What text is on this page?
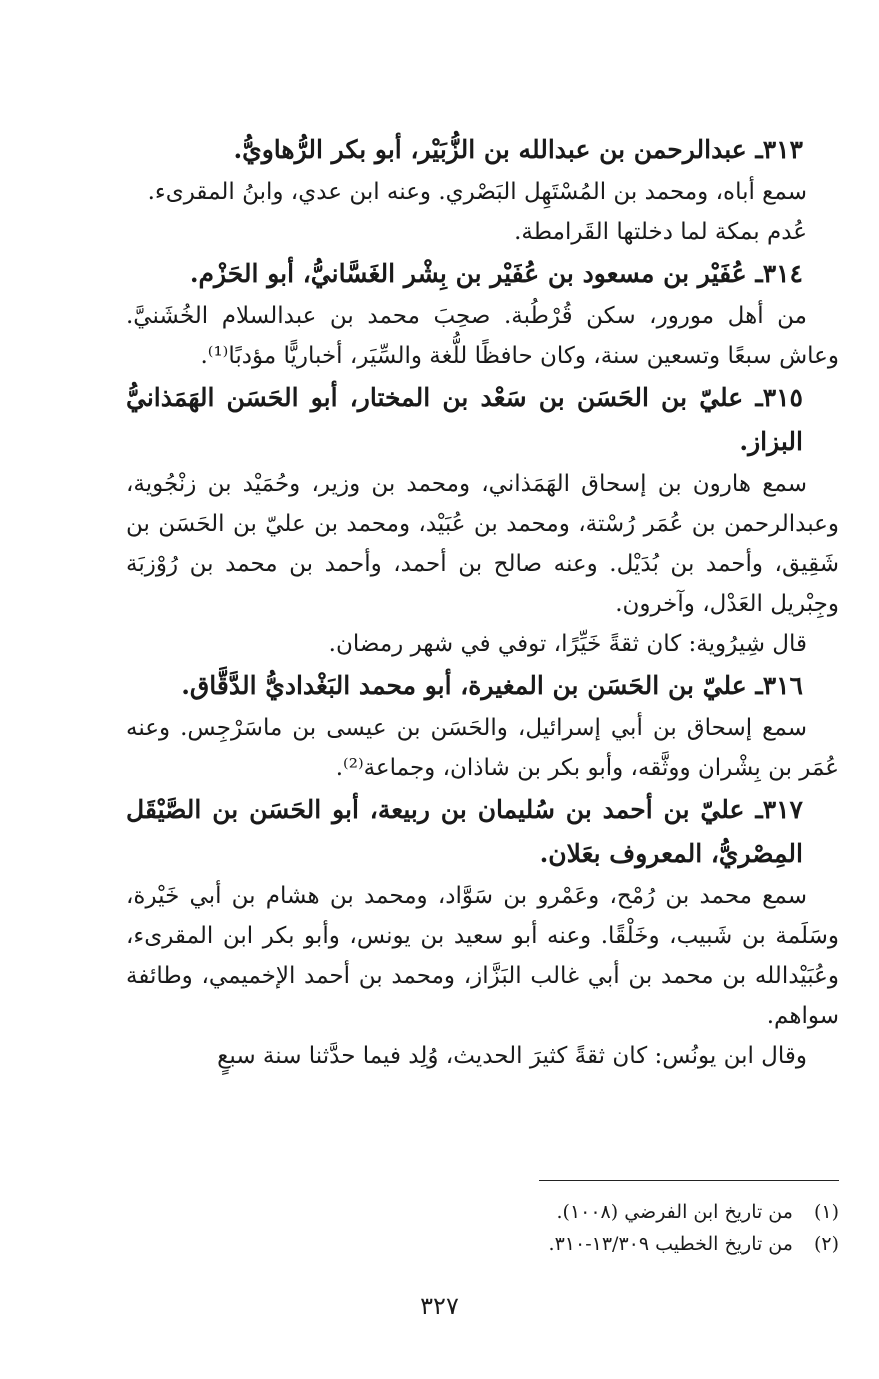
٣١٣ـ عبدالرحمن بن عبدالله بن الزُّبَيْر، أبو بكر الرُّهاويُّ.

سمع أباه، ومحمد بن المُسْتَهِل البَصْري. وعنه ابن عدي، وابنُ المقرىء.

عُدم بمكة لما دخلتها القَرامطة.

٣١٤ـ عُفَيْر بن مسعود بن عُفَيْر بن بِشْر الغَسَّانيُّ، أبو الحَزْم.

من أهل مورور، سكن قُرْطُبة. صحِبَ محمد بن عبدالسلام الخُشَنيَّ. وعاش سبعًا وتسعين سنة، وكان حافظًا للُّغة والسِّيَر، أخباريًّا مؤدبًا⁽¹⁾.

٣١٥ـ عليّ بن الحَسَن بن سَعْد بن المختار، أبو الحَسَن الهَمَذانيُّ البزاز.

سمع هارون بن إسحاق الهَمَذاني، ومحمد بن وزير، وحُمَيْد بن زنْجُوية، وعبدالرحمن بن عُمَر رُسْتة، ومحمد بن عُبَيْد، ومحمد بن عليّ بن الحَسَن بن شَقِيق، وأحمد بن بُدَيْل. وعنه صالح بن أحمد، وأحمد بن محمد بن رُوْزبَة وجِبْريل العَدْل، وآخرون.

قال شِيرُوية: كان ثقةً خَيِّرًا، توفي في شهر رمضان.

٣١٦ـ عليّ بن الحَسَن بن المغيرة، أبو محمد البَغْداديُّ الدَّقَّاق.

سمع إسحاق بن أبي إسرائيل، والحَسَن بن عيسى بن ماسَرْجِس. وعنه عُمَر بن بِشْران ووثَّقه، وأبو بكر بن شاذان، وجماعة⁽²⁾.

٣١٧ـ عليّ بن أحمد بن سُليمان بن ربيعة، أبو الحَسَن بن الصَّيْقَل المِصْريُّ، المعروف بعَلان.

سمع محمد بن رُمْح، وعَمْرو بن سَوَّاد، ومحمد بن هشام بن أبي خَيْرة، وسَلَمة بن شَبيب، وخَلْقًا. وعنه أبو سعيد بن يونس، وأبو بكر ابن المقرىء، وعُبَيْدالله بن محمد بن أبي غالب البَزَّاز، ومحمد بن أحمد الإخميمي، وطائفة سواهم.

وقال ابن يونُس: كان ثقةً كثيرَ الحديث، وُلِد فيما حدَّثنا سنة سبعٍ

(١) من تاريخ ابن الفرضي (١٠٠٨).

(٢) من تاريخ الخطيب ١٣/٣٠٩-٣١٠.

٣٢٧
